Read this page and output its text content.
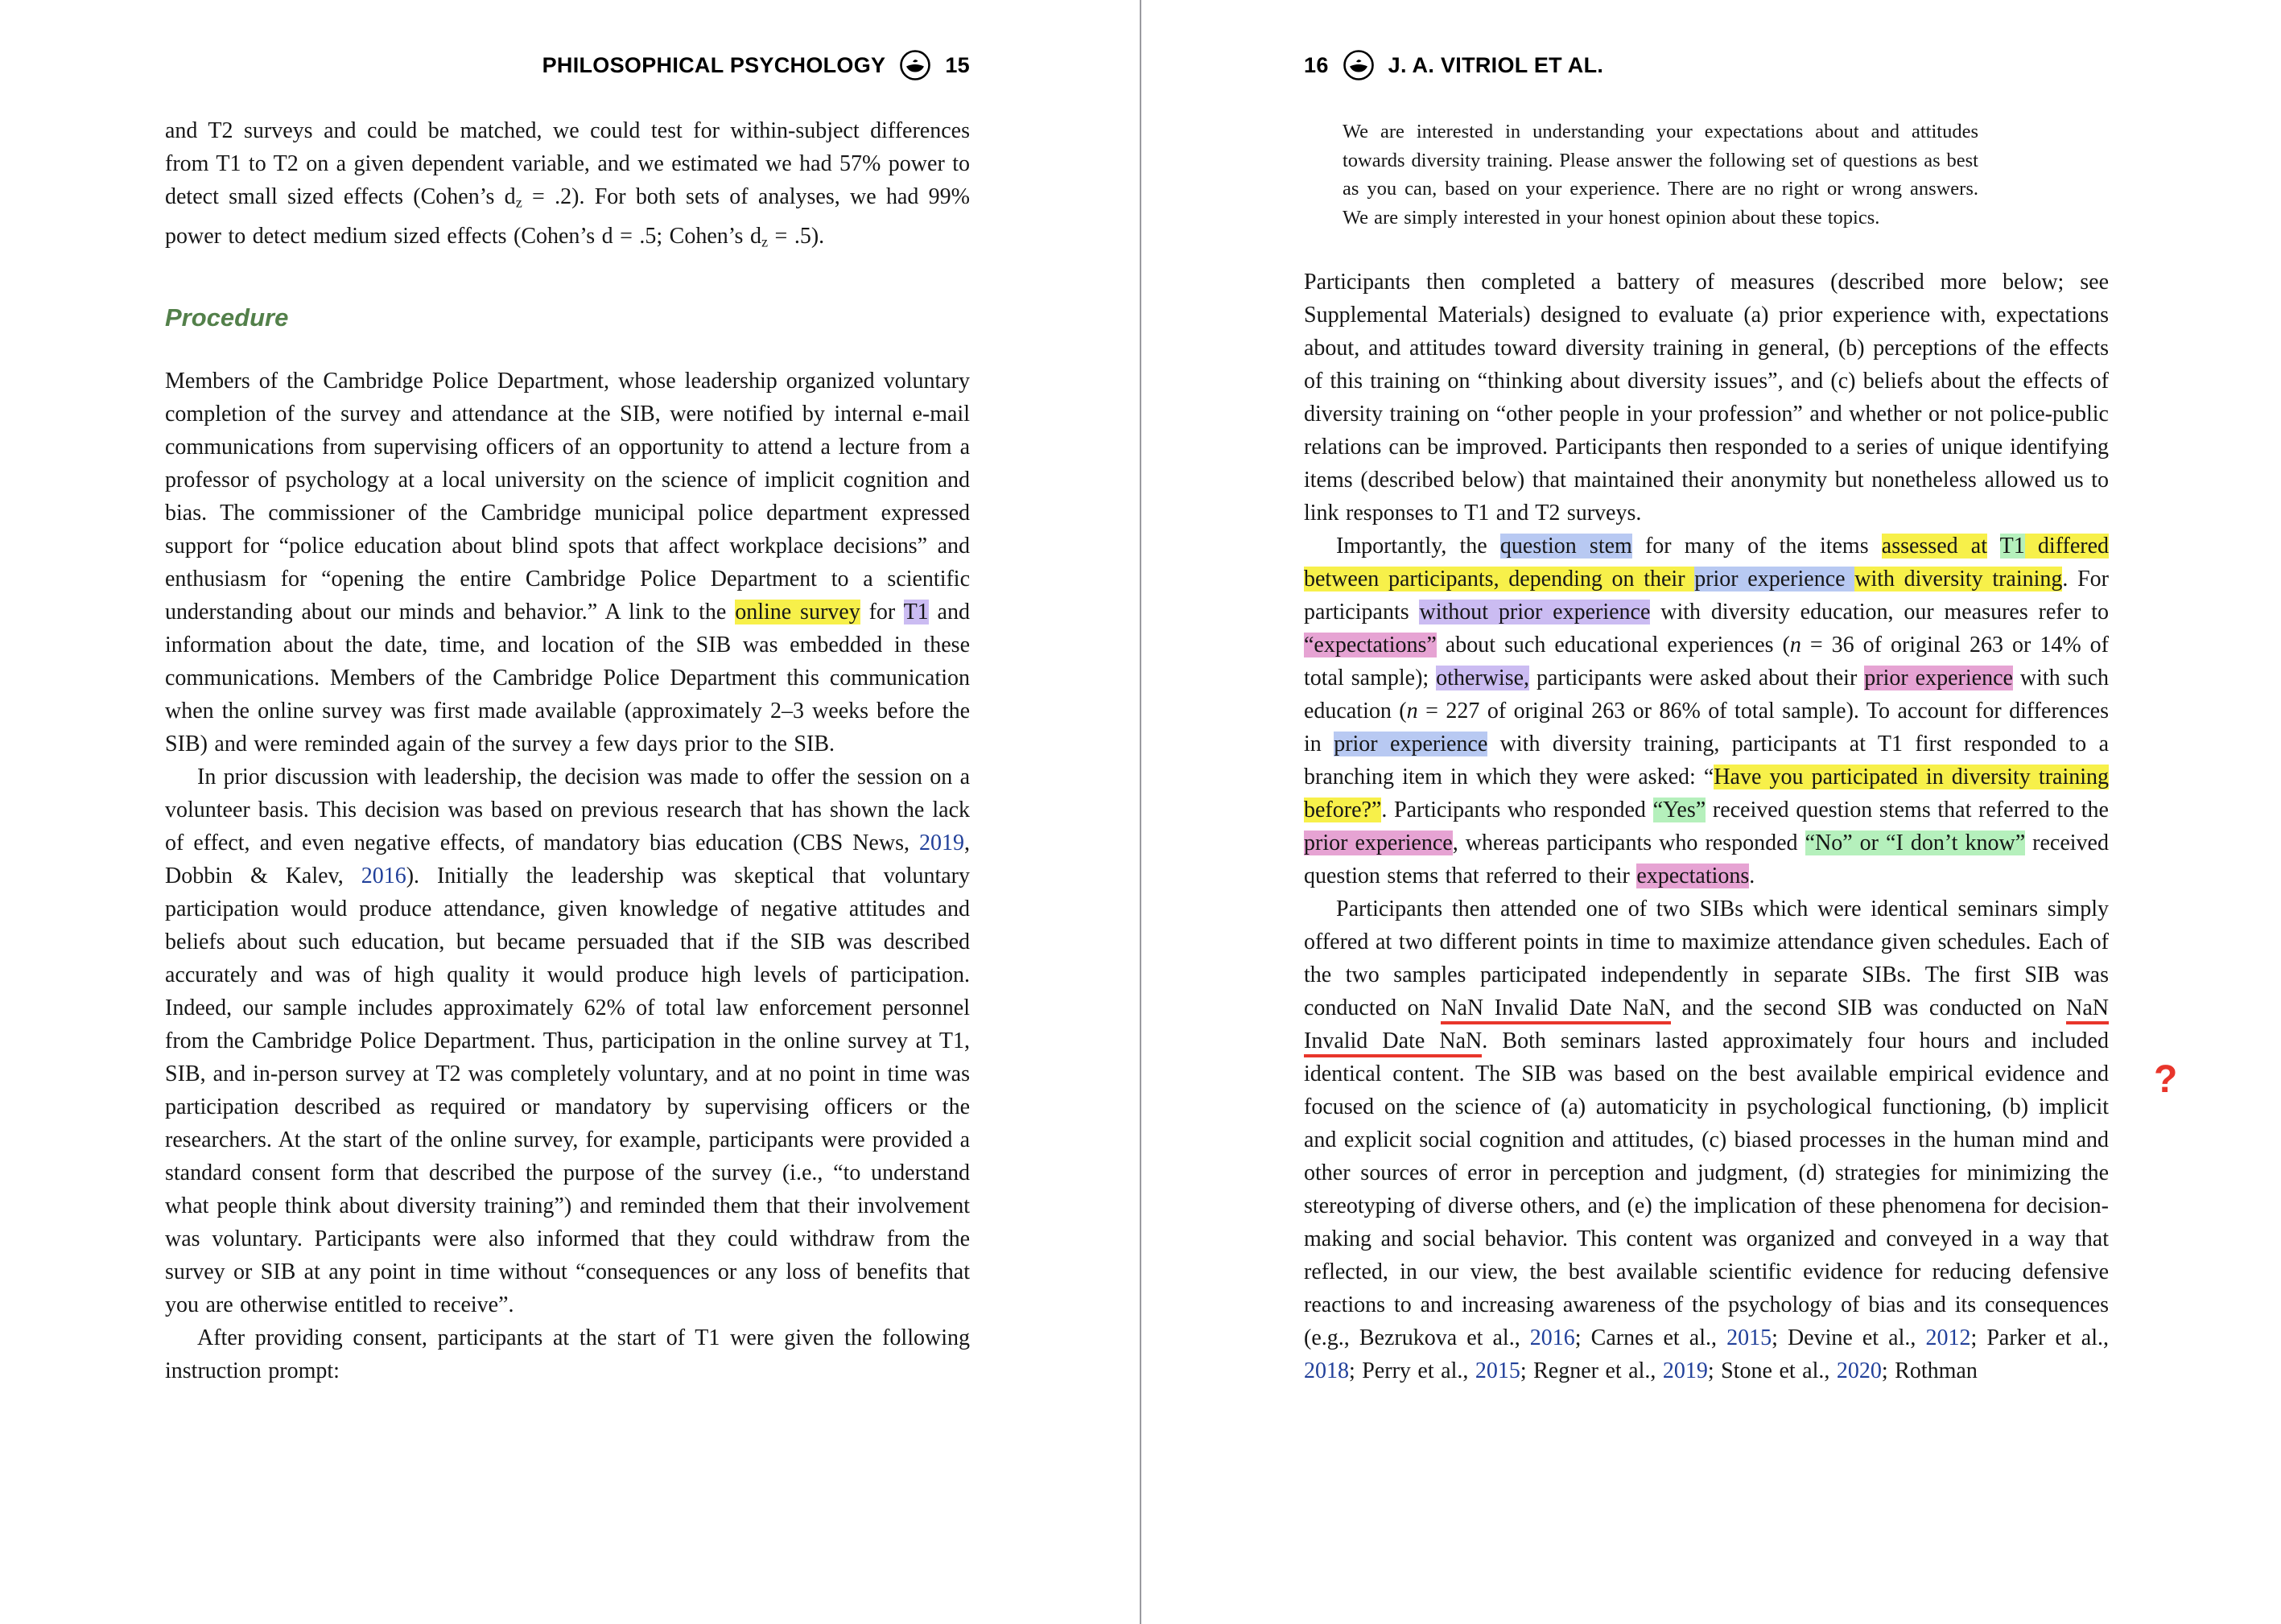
PHILOSOPHICAL PSYCHOLOGY	15	16	J. A. VITRIOL ET AL.

and T2 surveys and could be matched, we could test for within-subject differences from T1 to T2 on a given dependent variable, and we estimated we had 57% power to detect small sized effects (Cohen’s dz = .2). For both sets of analyses, we had 99% power to detect medium sized effects (Cohen’s d = .5; Cohen’s dz = .5).

Procedure

Members of the Cambridge Police Department, whose leadership organized voluntary completion of the survey and attendance at the SIB, were notified by internal e-mail communications from supervising officers of an opportunity to attend a lecture from a professor of psychology at a local university on the science of implicit cognition and bias. The commissioner of the Cambridge municipal police department expressed support for “police education about blind spots that affect workplace decisions” and enthusiasm for “opening the entire Cambridge Police Department to a scientific understanding about our minds and behavior.” A link to the online survey for T1 and information about the date, time, and location of the SIB was embedded in these communications. Members of the Cambridge Police Department this communication when the online survey was first made available (approximately 2–3 weeks before the SIB) and were reminded again of the survey a few days prior to the SIB.

In prior discussion with leadership, the decision was made to offer the session on a volunteer basis. This decision was based on previous research that has shown the lack of effect, and even negative effects, of mandatory bias education (CBS News, 2019, Dobbin & Kalev, 2016). Initially the leadership was skeptical that voluntary participation would produce attendance, given knowledge of negative attitudes and beliefs about such education, but became persuaded that if the SIB was described accurately and was of high quality it would produce high levels of participation. Indeed, our sample includes approximately 62% of total law enforcement personnel from the Cambridge Police Department. Thus, participation in the online survey at T1, SIB, and in-person survey at T2 was completely voluntary, and at no point in time was participation described as required or mandatory by supervising officers or the researchers. At the start of the online survey, for example, participants were provided a standard consent form that described the purpose of the survey (i.e., “to understand what people think about diversity training”) and reminded them that their involvement was voluntary. Participants were also informed that they could withdraw from the survey or SIB at any point in time without “consequences or any loss of benefits that you are otherwise entitled to receive”.

After providing consent, participants at the start of T1 were given the following instruction prompt:

We are interested in understanding your expectations about and attitudes towards diversity training. Please answer the following set of questions as best as you can, based on your experience. There are no right or wrong answers. We are simply interested in your honest opinion about these topics.

Participants then completed a battery of measures (described more below; see Supplemental Materials) designed to evaluate (a) prior experience with, expectations about, and attitudes toward diversity training in general, (b) perceptions of the effects of this training on “thinking about diversity issues”, and (c) beliefs about the effects of diversity training on “other people in your profession” and whether or not police-public relations can be improved. Participants then responded to a series of unique identifying items (described below) that maintained their anonymity but nonetheless allowed us to link responses to T1 and T2 surveys.

Importantly, the question stem for many of the items assessed at T1 differed between participants, depending on their prior experience with diversity training. For participants without prior experience with diversity education, our measures refer to “expectations” about such educational experiences (n = 36 of original 263 or 14% of total sample); otherwise, participants were asked about their prior experience with such education (n = 227 of original 263 or 86% of total sample). To account for differences in prior experience with diversity training, participants at T1 first responded to a branching item in which they were asked: “Have you participated in diversity training before?”. Participants who responded “Yes” received question stems that referred to the prior experience, whereas participants who responded “No” or “I don’t know” received question stems that referred to their expectations.

Participants then attended one of two SIBs which were identical seminars simply offered at two different points in time to maximize attendance given schedules. Each of the two samples participated independently in separate SIBs. The first SIB was conducted on NaN Invalid Date NaN, and the second SIB was conducted on NaN Invalid Date NaN. Both seminars lasted approximately four hours and included identical content. The SIB was based on the best available empirical evidence and focused on the science of (a) automaticity in psychological functioning, (b) implicit and explicit social cognition and attitudes, (c) biased processes in the human mind and other sources of error in perception and judgment, (d) strategies for minimizing the stereotyping of diverse others, and (e) the implication of these phenomena for decision-making and social behavior. This content was organized and conveyed in a way that reflected, in our view, the best available scientific evidence for reducing defensive reactions to and increasing awareness of the psychology of bias and its consequences (e.g., Bezrukova et al., 2016; Carnes et al., 2015; Devine et al., 2012; Parker et al., 2018; Perry et al., 2015; Regner et al., 2019; Stone et al., 2020; Rothman

?
